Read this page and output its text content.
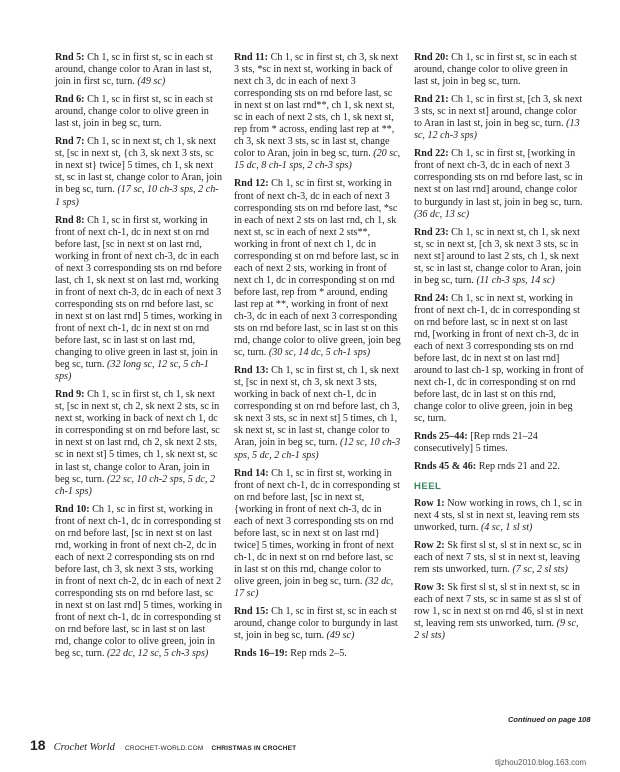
Rnd 5: Ch 1, sc in first st, sc in each st around, change color to Aran in last st, join in first sc, turn. (49 sc)

Rnd 6: Ch 1, sc in first st, sc in each st around, change color to olive green in last st, join in beg sc, turn.

Rnd 7: Ch 1, sc in next st, ch 1, sk next st, [sc in next st, {ch 3, sk next 3 sts, sc in next st} twice] 5 times, ch 1, sk next st, sc in last st, change color to Aran, join in beg sc, turn. (17 sc, 10 ch-3 sps, 2 ch-1 sps)

Rnd 8: Ch 1, sc in first st, working in front of next ch-1, dc in next st on rnd before last, [sc in next st on last rnd, working in front of next ch-3, dc in each of next 3 corresponding sts on rnd before last, ch 1, sk next st on last rnd, working in front of next ch-3, dc in each of next 3 corresponding sts on rnd before last, sc in next st on last rnd] 5 times, working in front of next ch-1, dc in next st on rnd before last, sc in last st on last rnd, changing to olive green in last st, join in beg sc, turn. (32 long sc, 12 sc, 5 ch-1 sps)

Rnd 9: Ch 1, sc in first st, ch 1, sk next st, [sc in next st, ch 2, sk next 2 sts, sc in next st, working in back of next ch 1, dc in corresponding st on rnd before last, sc in next st on last rnd, ch 2, sk next 2 sts, sc in next st] 5 times, ch 1, sk next st, sc in last st, change color to Aran, join in beg sc, turn. (22 sc, 10 ch-2 sps, 5 dc, 2 ch-1 sps)

Rnd 10: Ch 1, sc in first st, working in front of next ch-1, dc in corresponding st on rnd before last, [sc in next st on last rnd, working in front of next ch-2, dc in each of next 2 corresponding sts on rnd before last, ch 3, sk next 3 sts, working in front of next ch-2, dc in each of next 2 corresponding sts on rnd before last, sc in next st on last rnd] 5 times, working in front of next ch-1, dc in corresponding st on rnd before last, sc in last st on last rnd, change color to olive green, join in beg sc, turn. (22 dc, 12 sc, 5 ch-3 sps)

Rnd 11: Ch 1, sc in first st, ch 3, sk next 3 sts, *sc in next st, working in back of next ch 3, dc in each of next 3 corresponding sts on rnd before last, sc in next st on last rnd**, ch 1, sk next st, sc in each of next 2 sts, ch 1, sk next st, rep from * across, ending last rep at **, ch 3, sk next 3 sts, sc in last st, change color to Aran, join in beg sc, turn. (20 sc, 15 dc, 8 ch-1 sps, 2 ch-3 sps)

Rnd 12: Ch 1, sc in first st, working in front of next ch-3, dc in each of next 3 corresponding sts on rnd before last, *sc in each of next 2 sts on last rnd, ch 1, sk next st, sc in each of next 2 sts**, working in front of next ch 1, dc in corresponding st on rnd before last, sc in each of next 2 sts, working in front of next ch 1, dc in corresponding st on rnd before last, rep from * around, ending last rep at **, working in front of next ch-3, dc in each of next 3 corresponding sts on rnd before last, sc in last st on this rnd, change color to olive green, join beg sc, turn. (30 sc, 14 dc, 5 ch-1 sps)

Rnd 13: Ch 1, sc in first st, ch 1, sk next st, [sc in next st, ch 3, sk next 3 sts, working in back of next ch-1, dc in corresponding st on rnd before last, ch 3, sk next 3 sts, sc in next st] 5 times, ch 1, sk next st, sc in last st, change color to Aran, join in beg sc, turn. (12 sc, 10 ch-3 sps, 5 dc, 2 ch-1 sps)

Rnd 14: Ch 1, sc in first st, working in front of next ch-1, dc in corresponding st on rnd before last, [sc in next st, {working in front of next ch-3, dc in each of next 3 corresponding sts on rnd before last, sc in next st on last rnd} twice] 5 times, working in front of next ch-1, dc in next st on rnd before last, sc in last st on this rnd, change color to olive green, join in beg sc, turn. (32 dc, 17 sc)

Rnd 15: Ch 1, sc in first st, sc in each st around, change color to burgundy in last st, join in beg sc, turn. (49 sc)

Rnds 16–19: Rep rnds 2–5.

Rnd 20: Ch 1, sc in first st, sc in each st around, change color to olive green in last st, join in beg sc, turn.

Rnd 21: Ch 1, sc in first st, [ch 3, sk next 3 sts, sc in next st] around, change color to Aran in last st, join in beg sc, turn. (13 sc, 12 ch-3 sps)

Rnd 22: Ch 1, sc in first st, [working in front of next ch-3, dc in each of next 3 corresponding sts on rnd before last, sc in next st on last rnd] around, change color to burgundy in last st, join in beg sc, turn. (36 dc, 13 sc)

Rnd 23: Ch 1, sc in next st, ch 1, sk next st, sc in next st, [ch 3, sk next 3 sts, sc in next st] around to last 2 sts, ch 1, sk next st, sc in last st, change color to Aran, join in beg sc, turn. (11 ch-3 sps, 14 sc)

Rnd 24: Ch 1, sc in next st, working in front of next ch-1, dc in corresponding st on rnd before last, sc in next st on last rnd, [working in front of next ch-3, dc in each of next 3 corresponding sts on rnd before last, dc in next st on last rnd] around to last ch-1 sp, working in front of next ch-1, dc in corresponding st on rnd before last, dc in last st on this rnd, change color to olive green, join in beg sc, turn.

Rnds 25–44: [Rep rnds 21–24 consecutively] 5 times.

Rnds 45 & 46: Rep rnds 21 and 22.

HEEL

Row 1: Now working in rows, ch 1, sc in next 4 sts, sl st in next st, leaving rem sts unworked, turn. (4 sc, 1 sl st)

Row 2: Sk first sl st, sl st in next sc, sc in each of next 7 sts, sl st in next st, leaving rem sts unworked, turn. (7 sc, 2 sl sts)

Row 3: Sk first sl st, sl st in next st, sc in each of next 7 sts, sc in same st as sl st of row 1, sc in next st on rnd 46, sl st in next st, leaving rem sts unworked, turn. (9 sc, 2 sl sts)

Continued on page 108
18 Crochet World CROCHET-WORLD.COM CHRISTMAS IN CROCHET
tljzhou2010.blog.163.com
